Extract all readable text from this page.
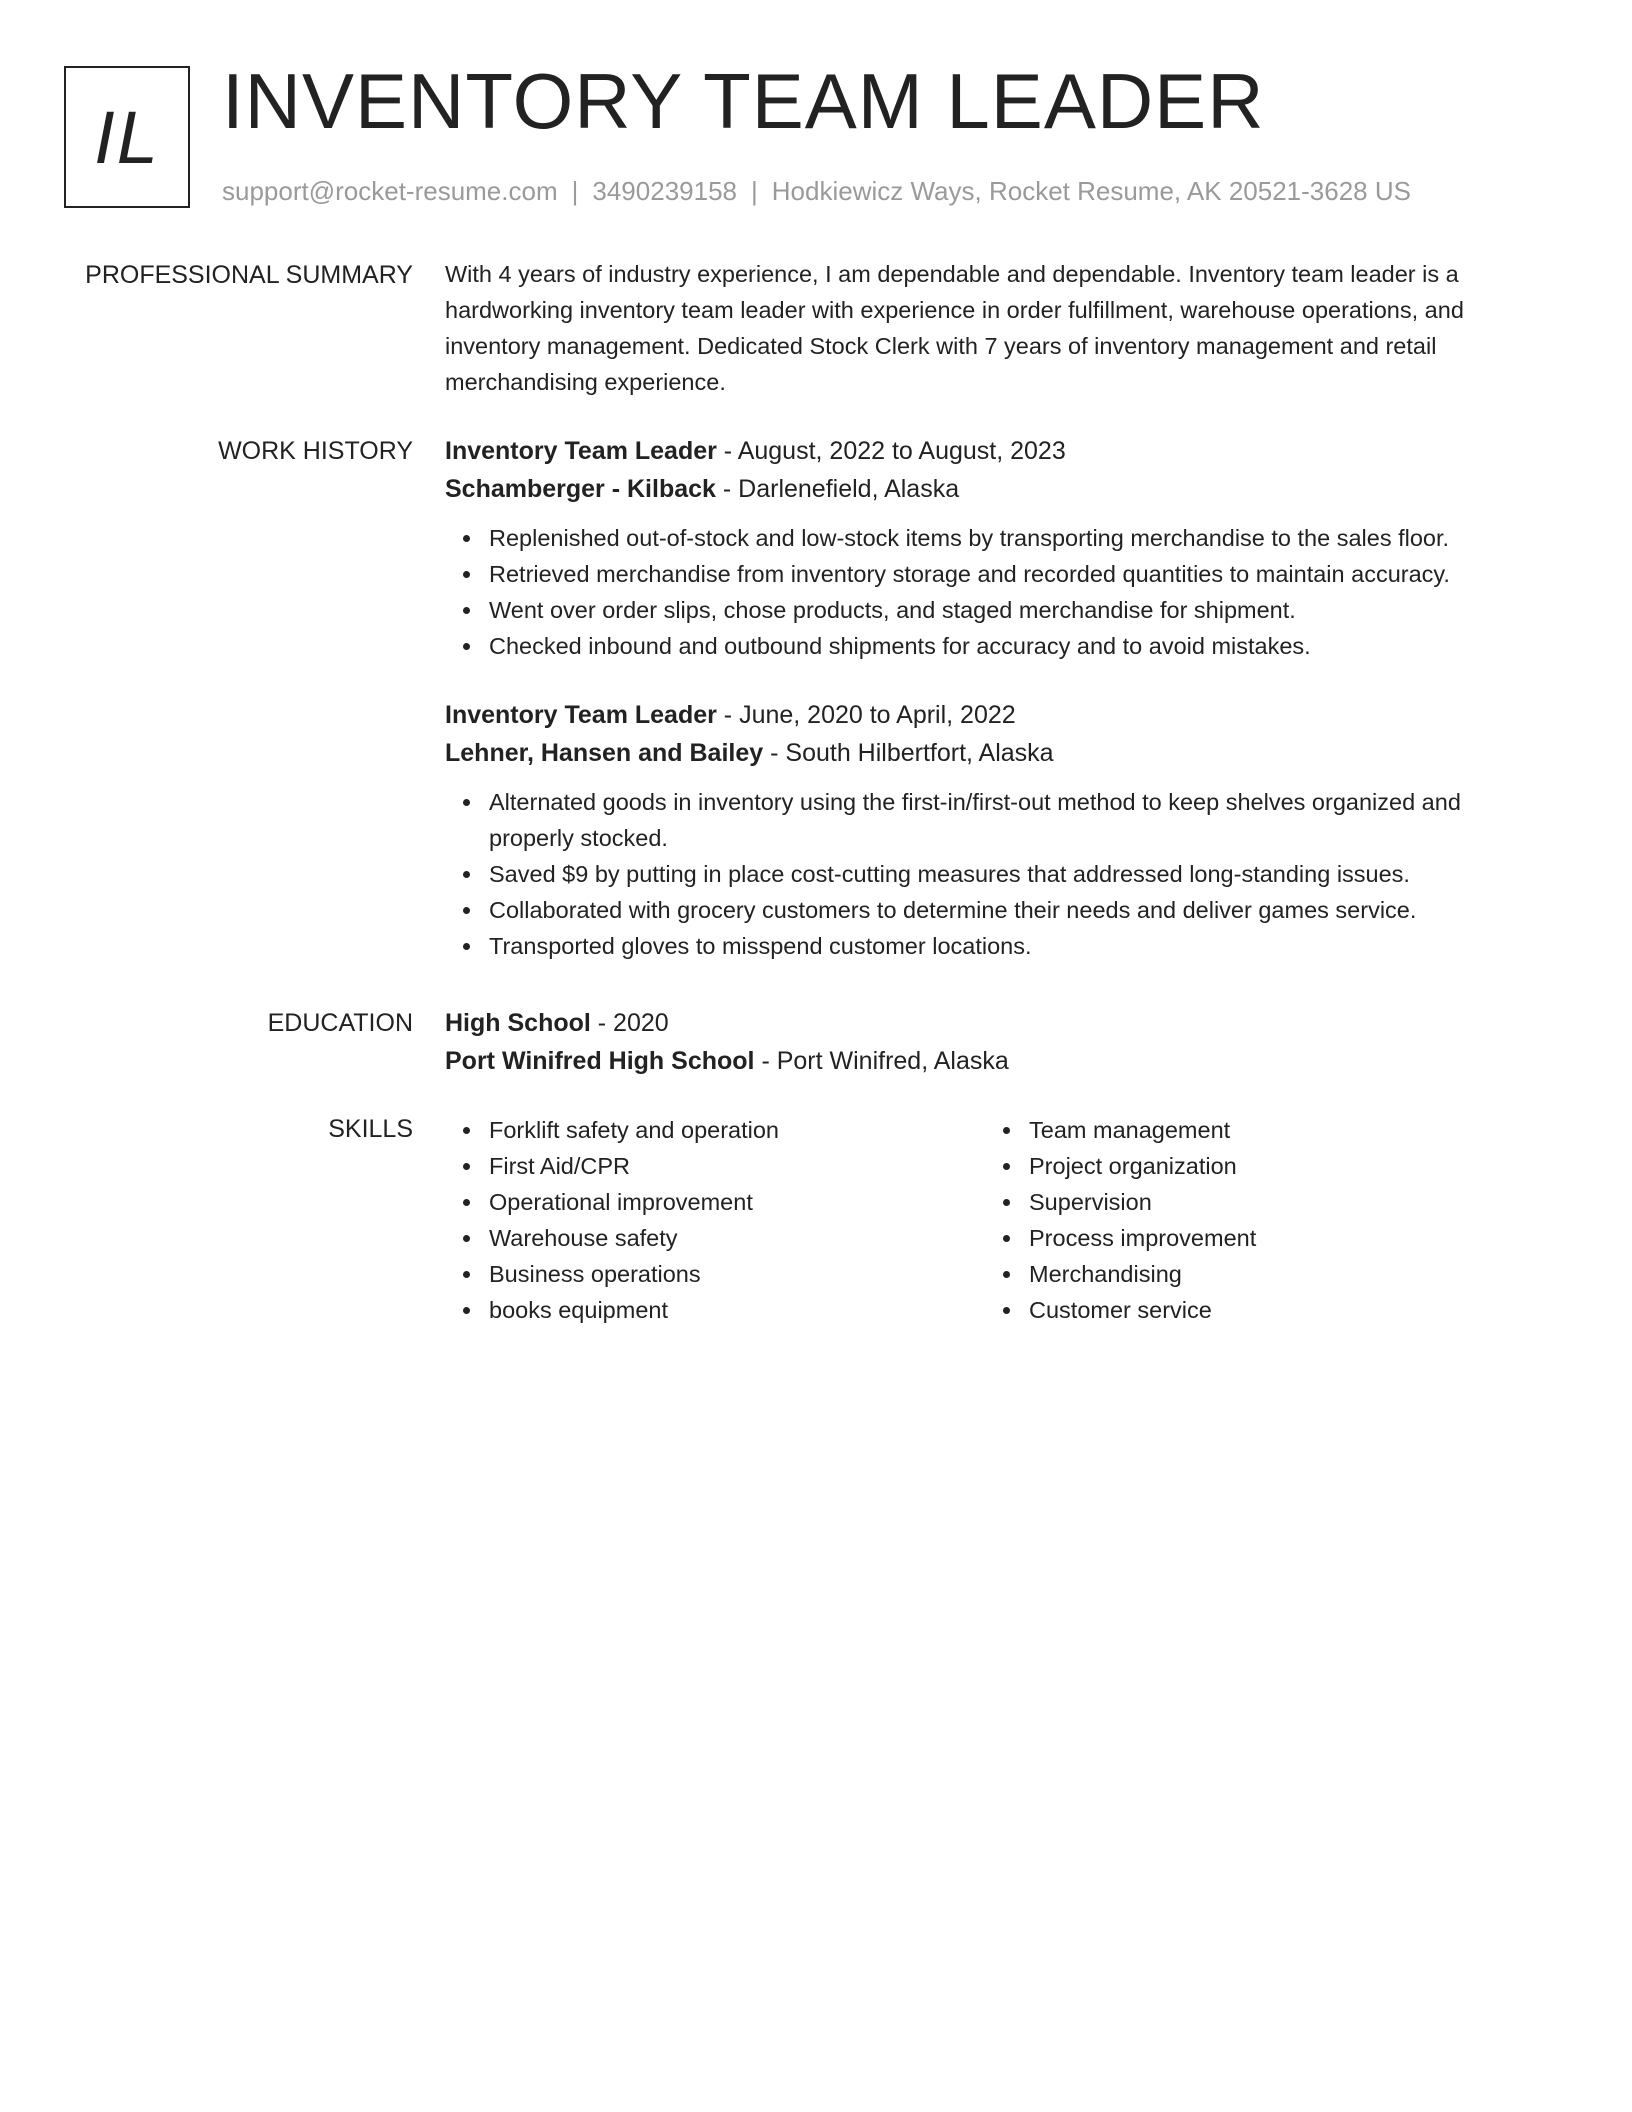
IL INVENTORY TEAM LEADER
support@rocket-resume.com | 3490239158 | Hodkiewicz Ways, Rocket Resume, AK 20521-3628 US
PROFESSIONAL SUMMARY With 4 years of industry experience, I am dependable and dependable. Inventory team leader is a hardworking inventory team leader with experience in order fulfillment, warehouse operations, and inventory management. Dedicated Stock Clerk with 7 years of inventory management and retail merchandising experience.

WORK HISTORY Inventory Team Leader - August, 2022 to August, 2023
Schamberger - Kilback - Darlenefield, Alaska
Replenished out-of-stock and low-stock items by transporting merchandise to the sales floor.
Retrieved merchandise from inventory storage and recorded quantities to maintain accuracy.
Went over order slips, chose products, and staged merchandise for shipment.
Checked inbound and outbound shipments for accuracy and to avoid mistakes.
Inventory Team Leader - June, 2020 to April, 2022
Lehner, Hansen and Bailey - South Hilbertfort, Alaska
Alternated goods in inventory using the first-in/first-out method to keep shelves organized and properly stocked.
Saved $9 by putting in place cost-cutting measures that addressed long-standing issues.
Collaborated with grocery customers to determine their needs and deliver games service.
Transported gloves to misspend customer locations.
EDUCATION High School - 2020
Port Winifred High School - Port Winifred, Alaska
SKILLS	Forklift safety and operation
First Aid/CPR
Operational improvement
Warehouse safety
Business operations
books equipment
Team management
Project organization
Supervision
Process improvement
Merchandising
Customer service
